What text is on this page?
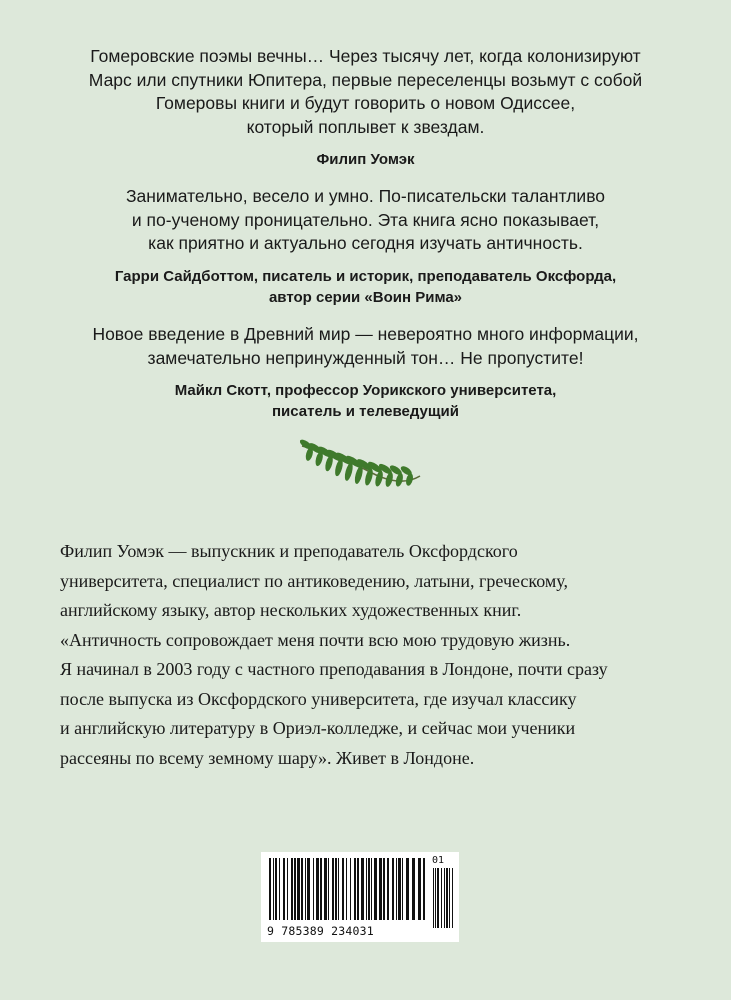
Гомеровские поэмы вечны… Через тысячу лет, когда колонизируют
Марс или спутники Юпитера, первые переселенцы возьмут с собой
Гомеровы книги и будут говорить о новом Одиссее,
который поплывет к звездам.

Филип Уомэк

Занимательно, весело и умно. По-писательски талантливо
и по-ученому проницательно. Эта книга ясно показывает,
как приятно и актуально сегодня изучать античность.

Гарри Сайдботтом, писатель и историк, преподаватель Оксфорда,
автор серии «Воин Рима»

Новое введение в Древний мир — невероятно много информации,
замечательно непринужденный тон… Не пропустите!

Майкл Скотт, профессор Уорикского университета,
писатель и телеведущий

Филип Уомэк — выпускник и преподаватель Оксфордского
университета, специалист по антиковедению, латыни, греческому,
английскому языку, автор нескольких художественных книг.
«Античность сопровождает меня почти всю мою трудовую жизнь.
Я начинал в 2003 году с частного преподавания в Лондоне, почти сразу
после выпуска из Оксфордского университета, где изучал классику
и английскую литературу в Ориэл-колледже, и сейчас мои ученики
рассеяны по всему земному шару». Живет в Лондоне.
01
9 785389 234031
